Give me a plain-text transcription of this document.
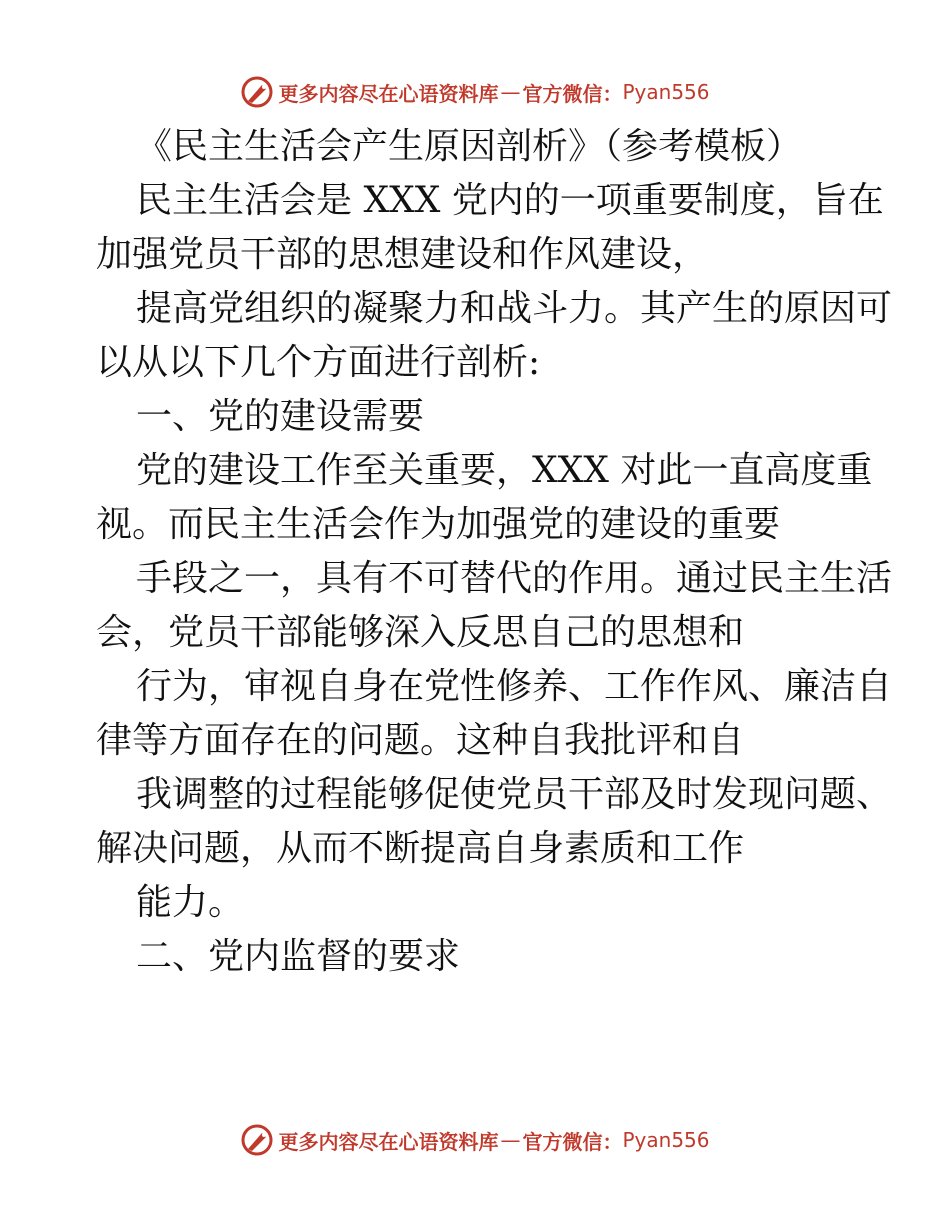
更多内容尽在心语资料库 — 官方微信： Pyan556
《民主生活会产生原因剖析》（参考模板）
民主生活会是 XXX 党内的一项重要制度，旨在
加强党员干部的思想建设和作风建设，
提高党组织的凝聚力和战斗力。其产生的原因可
以从以下几个方面进行剖析:
一、党的建设需要
党的建设工作至关重要，XXX 对此一直高度重
视。而民主生活会作为加强党的建设的重要
手段之一，具有不可替代的作用。通过民主生活
会，党员干部能够深入反思自己的思想和
行为，审视自身在党性修养、工作作风、廉洁自
律等方面存在的问题。这种自我批评和自
我调整的过程能够促使党员干部及时发现问题、
解决问题，从而不断提高自身素质和工作
能力。
二、党内监督的要求
更多内容尽在心语资料库 — 官方微信： Pyan556
